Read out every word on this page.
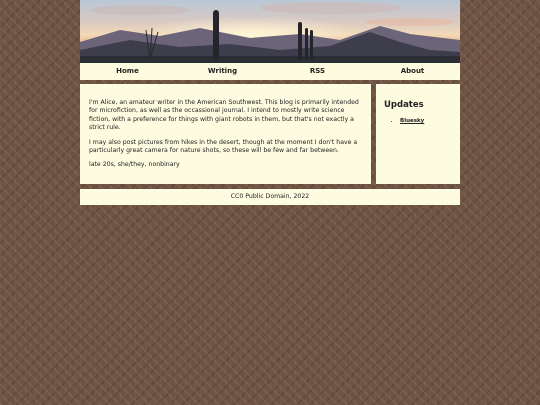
Home	Writing	RSS	About

I'm Alice, an amateur writer in the American Southwest. This blog is primarily intended for microfiction, as well as the occassional journal. I intend to mostly write science fiction, with a preference for things with giant robots in them, but that's not exactly a strict rule.

I may also post pictures from hikes in the desert, though at the moment I don't have a particularly great camera for nature shots, so these will be few and far between.

late 20s, she/they, nonbinary

Updates
• Bluesky
CC0 Public Domain, 2022
